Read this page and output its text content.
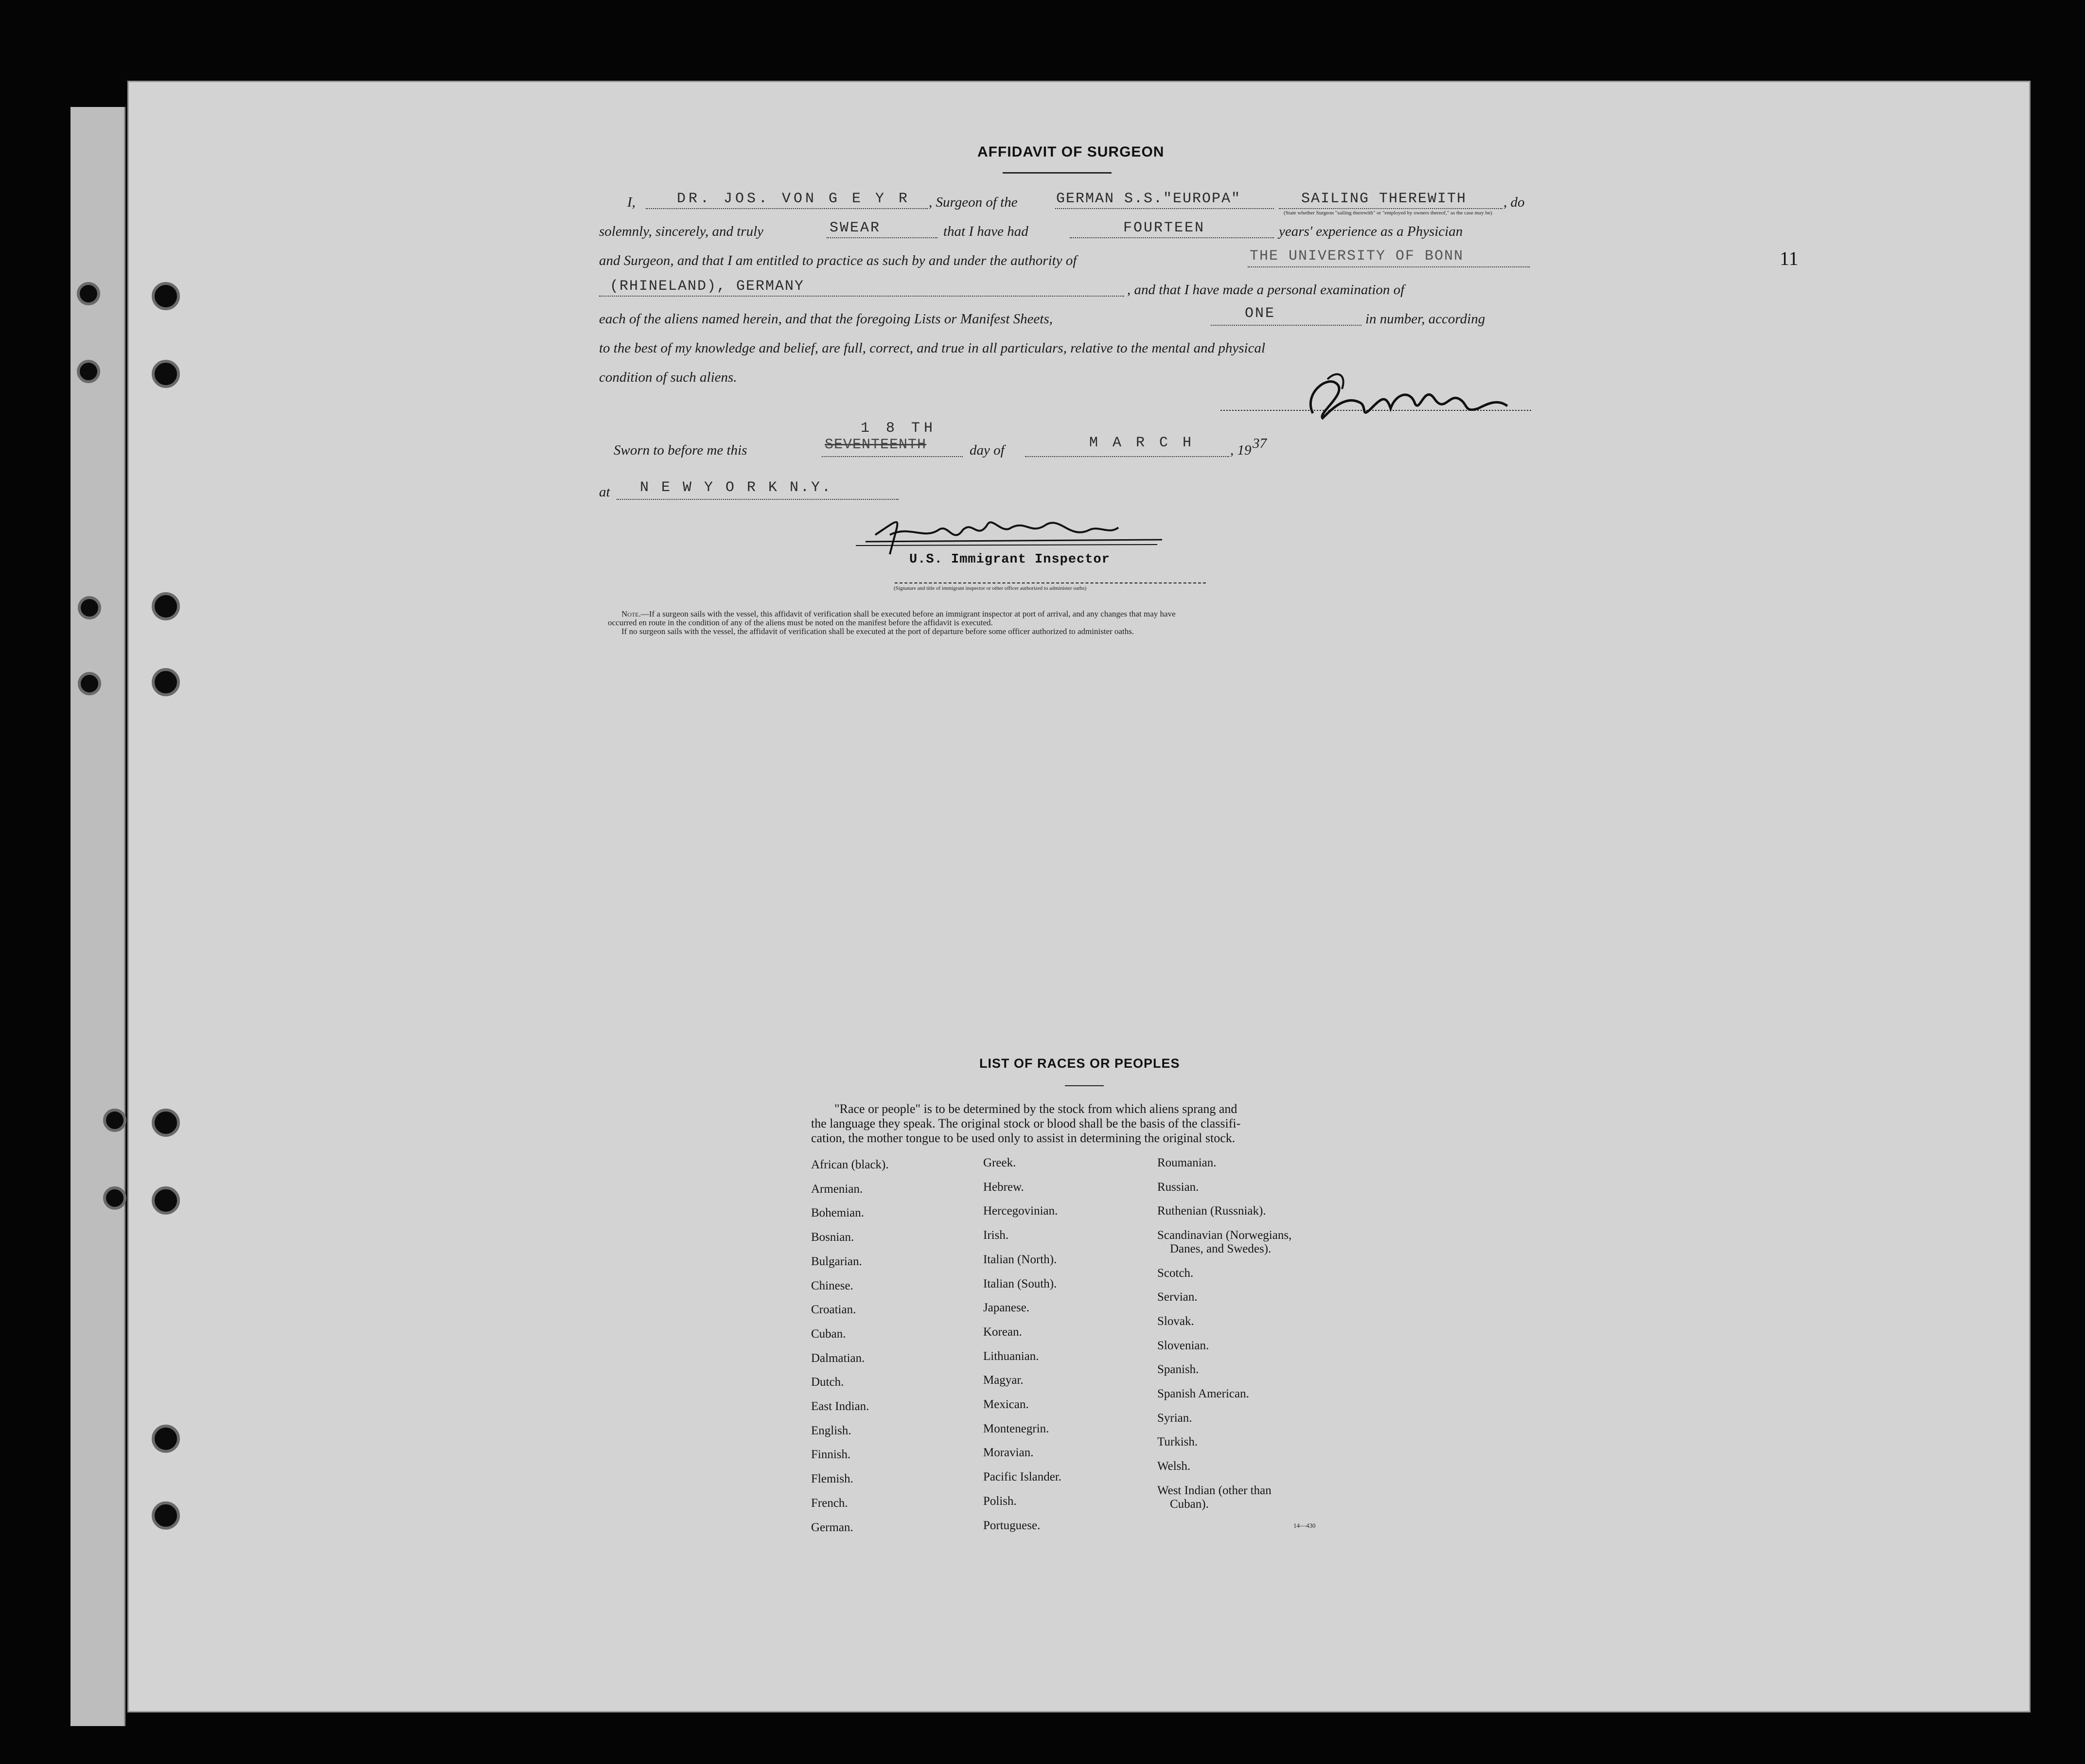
11
AFFIDAVIT OF SURGEON
I,	DR. JOS. VON G E Y R , Surgeon of the	GERMAN S.S."EUROPA"	SAILING THEREWITH
(State whether Surgeon "sailing therewith" or "employed by owners thereof," as the case may be)
, do
solemnly, sincerely, and truly	SWEAR	that I have had	FOURTEEN	years' experience as a Physician
and Surgeon, and that I am entitled to practice as such by and under the authority of	THE UNIVERSITY OF BONN
(RHINELAND), GERMANY	, and that I have made a personal examination of
each of the aliens named herein, and that the foregoing Lists or Manifest Sheets,	ONE	in number, according
to the best of my knowledge and belief, are full, correct, and true in all particulars, relative to the mental and physical
condition of such aliens.
Sworn to before me this
1 8 TH
SEVENTEENTH	day of	M A R C H	, 19 37
at N E W Y O R K N.Y.
U.S. Immigrant Inspector
(Signature and title of immigrant inspector or other officer authorized to administer oaths)
Note.—If a surgeon sails with the vessel, this affidavit of verification shall be executed before an immigrant inspector at port of arrival, and any changes that may have
occurred en route in the condition of any of the aliens must be noted on the manifest before the affidavit is executed.
If no surgeon sails with the vessel, the affidavit of verification shall be executed at the port of departure before some officer authorized to administer oaths.
LIST OF RACES OR PEOPLES
"Race or people" is to be determined by the stock from which aliens sprang and
the language they speak. The original stock or blood shall be the basis of the classifi-
cation, the mother tongue to be used only to assist in determining the original stock.
African (black).
Armenian.
Bohemian.
Bosnian.
Bulgarian.
Chinese.
Croatian.
Cuban.
Dalmatian.
Dutch.
East Indian.
English.
Finnish.
Flemish.
French.
German.
Greek.
Hebrew.
Hercegovinian.
Irish.
Italian (North).
Italian (South).
Japanese.
Korean.
Lithuanian.
Magyar.
Mexican.
Montenegrin.
Moravian.
Pacific Islander.
Polish.
Portuguese.
Roumanian.
Russian.
Ruthenian (Russniak).
Scandinavian (Norwegians,
Danes, and Swedes).
Scotch.
Servian.
Slovak.
Slovenian.
Spanish.
Spanish American.
Syrian.
Turkish.
Welsh.
West Indian (other than
Cuban).
14—430
